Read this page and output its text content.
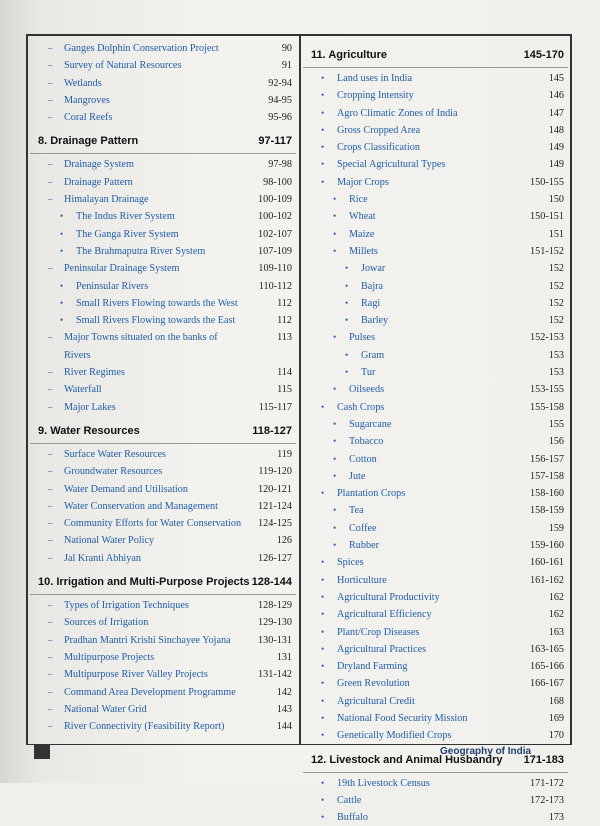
– Ganges Dolphin Conservation Project	90
– Survey of Natural Resources	91
– Wetlands	92-94
– Mangroves	94-95
– Coral Reefs	95-96
8. Drainage Pattern	97-117
– Drainage System	97-98
– Drainage Pattern	98-100
– Himalayan Drainage	100-109
• The Indus River System	100-102
• The Ganga River System	102-107
• The Brahmaputra River System	107-109
– Peninsular Drainage System	109-110
• Peninsular Rivers	110-112
• Small Rivers Flowing towards the West	112
• Small Rivers Flowing towards the East	112
– Major Towns situated on the banks of	113
Rivers
– River Regimes	114
– Waterfall	115
– Major Lakes	115-117
9. Water Resources	118-127
– Surface Water Resources	119
– Groundwater Resources	119-120
– Water Demand and Utilisation	120-121
– Water Conservation and Management	121-124
– Community Efforts for Water Conservation 124-125
– National Water Policy	126
– Jal Kranti Abhiyan	126-127
10. Irrigation and Multi-Purpose Projects 128-144
– Types of Irrigation Techniques	128-129
– Sources of Irrigation	129-130
– Pradhan Mantri Krishi Sinchayee Yojana	130-131
– Multipurpose Projects	131
– Multipurpose River Valley Projects	131-142
– Command Area Development Programme	142
– National Water Grid	143
– River Connectivity (Feasibility Report)	144
11. Agriculture	145-170
• Land uses in India	145
• Cropping Intensity	146
• Agro Climatic Zones of India	147
• Gross Cropped Area	148
• Crops Classification	149
• Special Agricultural Types	149
• Major Crops	150-155
• Rice	150
• Wheat	150-151
• Maize	151
• Millets	151-152
• Jowar	152
• Bajra	152
• Ragi	152
• Barley	152
• Pulses	152-153
• Gram	153
• Tur	153
• Oilseeds	153-155
• Cash Crops	155-158
• Sugarcane	155
• Tobacco	156
• Cotton	156-157
• Jute	157-158
• Plantation Crops	158-160
• Tea	158-159
• Coffee	159
• Rubber	159-160
• Spices	160-161
• Horticulture	161-162
• Agricultural Productivity	162
• Agricultural Efficiency	162
• Plant/Crop Diseases	163
• Agricultural Practices	163-165
• Dryland Farming	165-166
• Green Revolution	166-167
• Agricultural Credit	168
• National Food Security Mission	169
• Genetically Modified Crops	170
12. Livestock and Animal Husbandry 171-183
• 19th Livestock Census	171-172
• Cattle	172-173
• Buffalo	173
Geography of India
